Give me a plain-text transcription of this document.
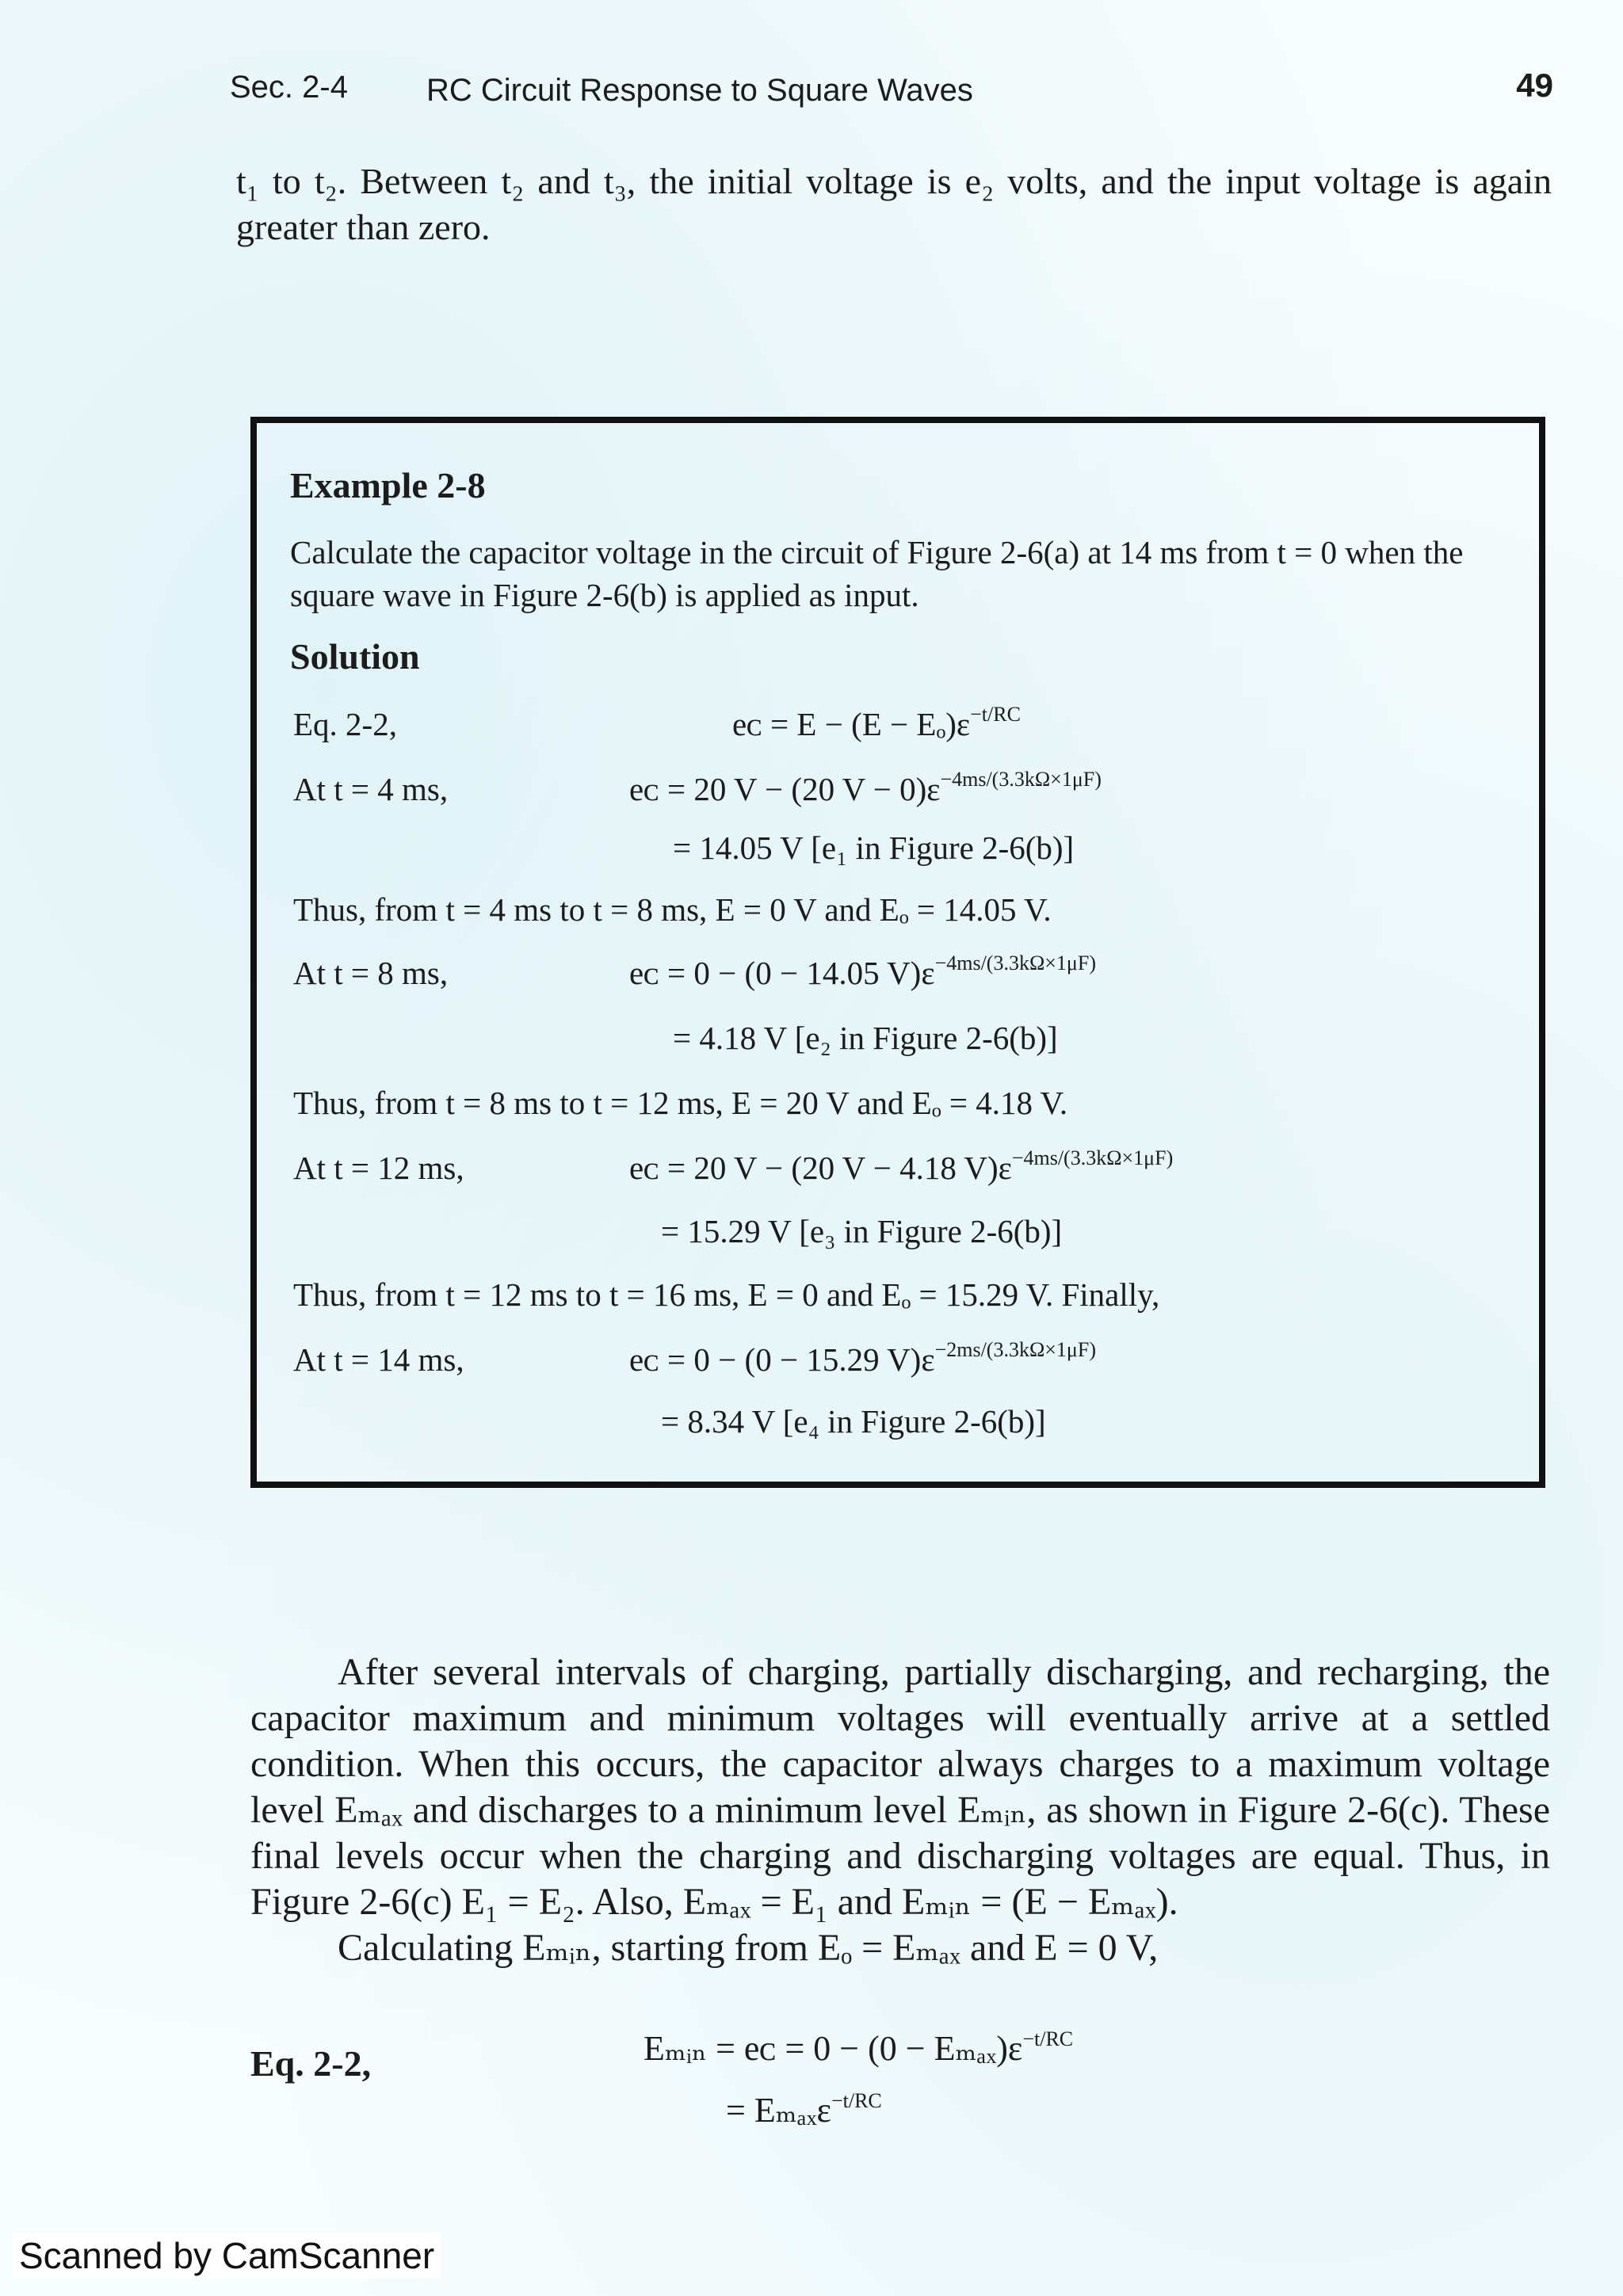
Sec. 2-4 RC Circuit Response to Square Waves	49

t₁ to t₂. Between t₂ and t₃, the initial voltage is e₂ volts, and the input voltage is again greater than zero.

Example 2-8
Calculate the capacitor voltage in the circuit of Figure 2-6(a) at 14 ms from t = 0 when the square wave in Figure 2-6(b) is applied as input.
Solution
Eq. 2-2,	eᴄ = $E - (E - E_o)\varepsilon^{-t/RC}$
At t = 4 ms,	eᴄ = 20 V − (20 $V - 0)\varepsilon^{-4ms/(3.3k\Omega\times 1\mu F)}$
= 14.05 V [e₁ in Figure 2-6(b)]
Thus, from t = 4 ms to t = 8 ms, E = 0 V and Eₒ = 14.05 V.
At t = 8 ms,	eᴄ = 0 − (0 − 14.05 $V)\varepsilon^{-4ms/(3.3k\Omega\times 1\mu F)}$
= 4.18 V [e₂ in Figure 2-6(b)]
Thus, from t = 8 ms to t = 12 ms, E = 20 V and Eₒ = 4.18 V.
At t = 12 ms,	eᴄ = 20 V − (20 V − 4.18 $V)\varepsilon^{-4ms/(3.3k\Omega\times 1\mu F)}$
= 15.29 V [e₃ in Figure 2-6(b)]
Thus, from t = 12 ms to t = 16 ms, E = 0 and Eₒ = 15.29 V. Finally,
At t = 14 ms,	eᴄ = 0 − (0 − 15.29 $V)\varepsilon^{-2ms/(3.3k\Omega\times 1\mu F)}$
= 8.34 V [e₄ in Figure 2-6(b)]

After several intervals of charging, partially discharging, and recharging, the capacitor maximum and minimum voltages will eventually arrive at a settled condition. When this occurs, the capacitor always charges to a maximum voltage level Eₘₐₓ and discharges to a minimum level Eₘᵢₙ, as shown in Figure 2-6(c). These final levels occur when the charging and discharging voltages are equal. Thus, in Figure 2-6(c) E₁ = E₂. Also, Eₘₐₓ = E₁ and Eₘᵢₙ = (E − Eₘₐₓ).

Calculating Eₘᵢₙ, starting from Eₒ = Eₘₐₓ and E = 0 V,

Eq. 2-2,	Eₘᵢₙ = eᴄ = $0 - (0 - E_{max})\varepsilon^{-t/RC}$
= Eₘₐₓε$^{-t/RC}$
Scanned by CamScanner
